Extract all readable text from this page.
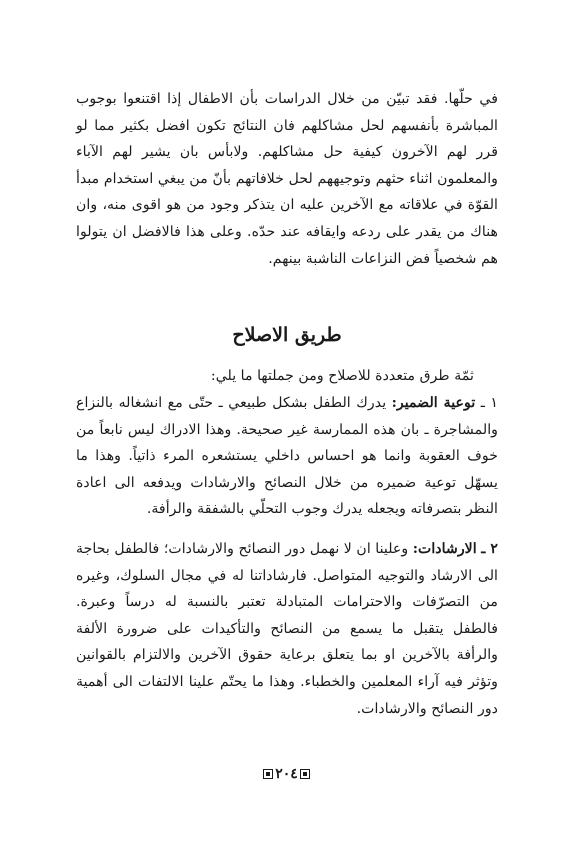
في حلّها. فقد تبيّن من خلال الدراسات بأن الاطفال إذا اقتنعوا بوجوب المباشرة بأنفسهم لحل مشاكلهم فان النتائج تكون افضل بكثير مما لو قرر لهم الآخرون كيفية حل مشاكلهم. ولابأس بان يشير لهم الآباء والمعلمون اثناء حثهم وتوجيههم لحل خلافاتهم بأنّ من يبغي استخدام مبدأ القوّة في علاقاته مع الآخرين عليه ان يتذكر وجود من هو اقوى منه، وان هناك من يقدر على ردعه وايقافه عند حدّه. وعلى هذا فالافضل ان يتولوا هم شخصياً فض النزاعات الناشبة بينهم.

طريق الاصلاح
ثمّة طرق متعددة للاصلاح ومن جملتها ما يلي:

١ ـ توعية الضمير: يدرك الطفل بشكل طبيعي ـ حتّى مع انشغاله بالنزاع والمشاجرة ـ بان هذه الممارسة غير صحيحة. وهذا الادراك ليس نابعاً من خوف العقوبة وانما هو احساس داخلي يستشعره المرء ذاتياً. وهذا ما يسهّل توعية ضميره من خلال النصائح والارشادات ويدفعه الى اعادة النظر بتصرفاته ويجعله يدرك وجوب التحلّي بالشفقة والرأفة.

٢ ـ الارشادات: وعلينا ان لا نهمل دور النصائح والارشادات؛ فالطفل بحاجة الى الارشاد والتوجيه المتواصل. فارشاداتنا له في مجال السلوك، وغيره من التصرّفات والاحترامات المتبادلة تعتبر بالنسبة له درساً وعبرة. فالطفل يتقبل ما يسمع من النصائح والتأكيدات على ضرورة الألفة والرأفة بالآخرين او بما يتعلق برعاية حقوق الآخرين والالتزام بالقوانين وتؤثر فيه آراء المعلمين والخطباء. وهذا ما يحتّم علينا الالتفات الى أهمية دور النصائح والارشادات.

٢٠٤
